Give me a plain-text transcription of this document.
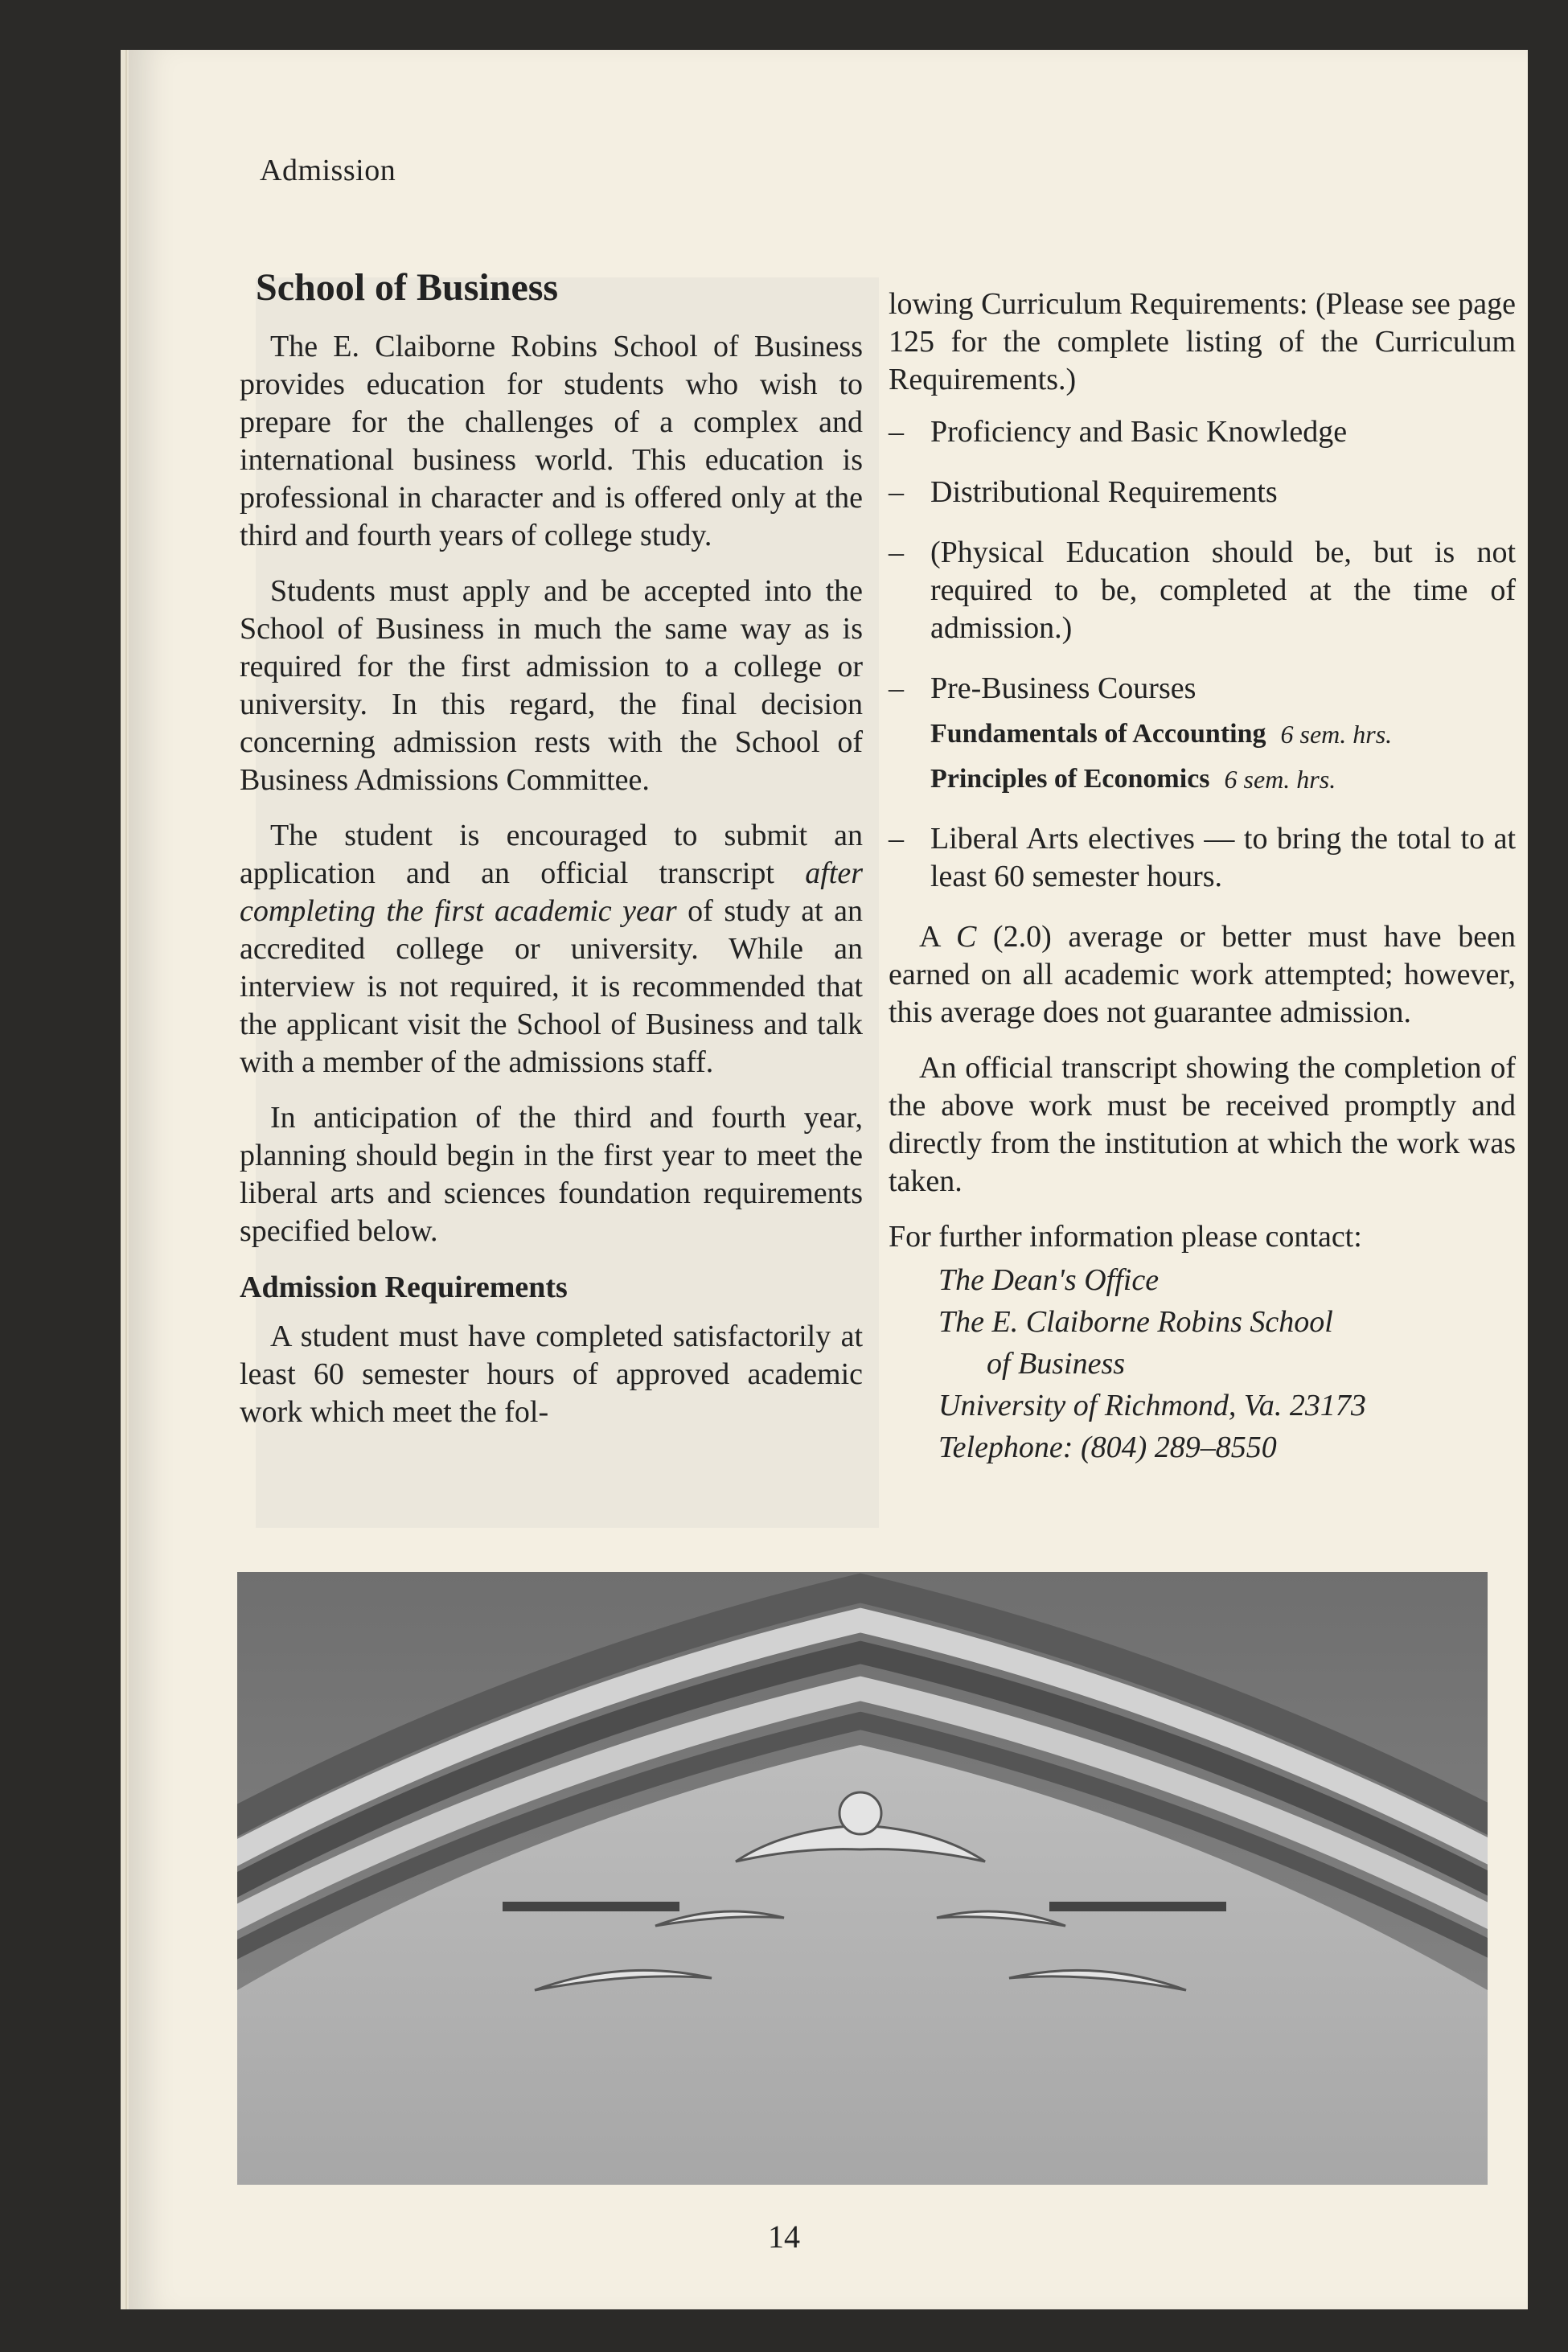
Admission
School of Business

The E. Claiborne Robins School of Business provides education for students who wish to prepare for the challenges of a complex and international business world. This education is professional in character and is offered only at the third and fourth years of college study.

Students must apply and be accepted into the School of Business in much the same way as is required for the first admission to a college or university. In this regard, the final decision concerning admission rests with the School of Business Admissions Committee.

The student is encouraged to submit an application and an official transcript after completing the first academic year of study at an accredited college or university. While an interview is not required, it is recommended that the applicant visit the School of Business and talk with a member of the admissions staff.

In anticipation of the third and fourth year, planning should begin in the first year to meet the liberal arts and sciences foundation requirements specified below.

Admission Requirements

A student must have completed satisfactorily at least 60 semester hours of approved academic work which meet the fol-

lowing Curriculum Requirements: (Please see page 125 for the complete listing of the Curriculum Requirements.)

– Proficiency and Basic Knowledge
– Distributional Requirements
– (Physical Education should be, but is not required to be, completed at the time of admission.)
– Pre-Business Courses
Fundamentals of Accounting 6 sem. hrs.
Principles of Economics 6 sem. hrs.
– Liberal Arts electives — to bring the total to at least 60 semester hours.

A C (2.0) average or better must have been earned on all academic work attempted; however, this average does not guarantee admission.

An official transcript showing the completion of the above work must be received promptly and directly from the institution at which the work was taken.

For further information please contact:

The Dean's Office
The E. Claiborne Robins School
of Business
University of Richmond, Va. 23173
Telephone: (804) 289–8550
14
